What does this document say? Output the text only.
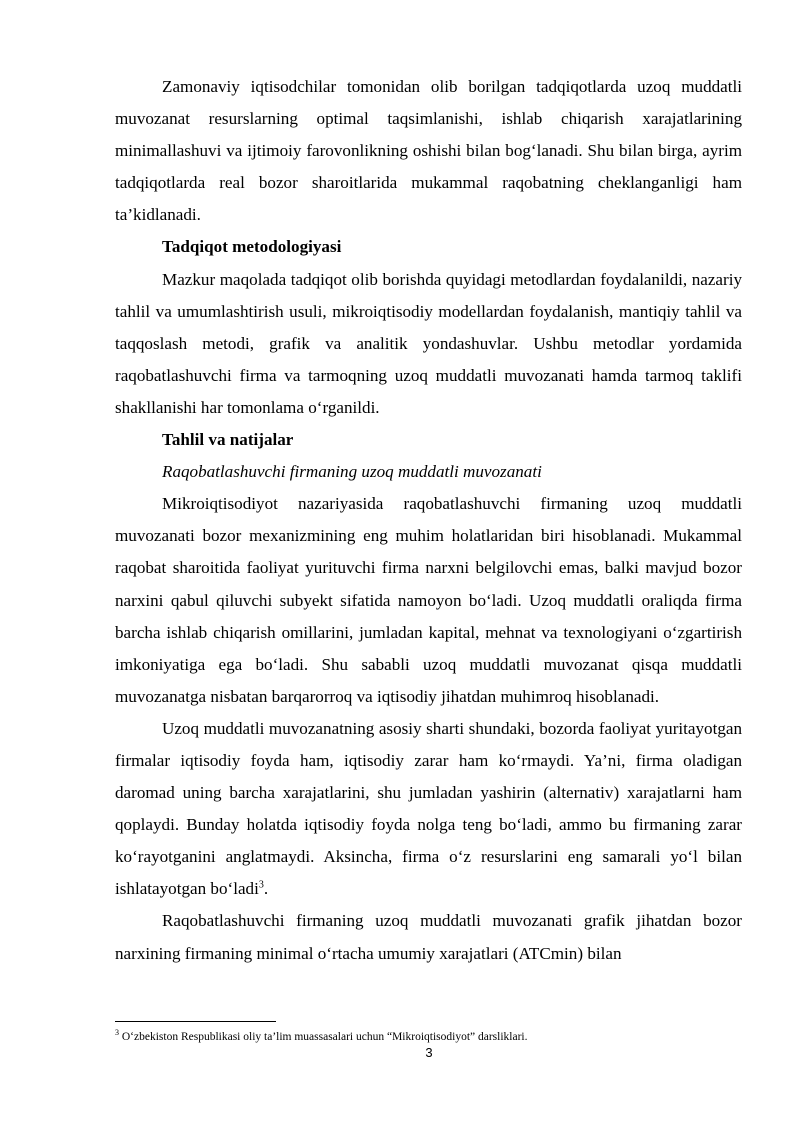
Zamonaviy iqtisodchilar tomonidan olib borilgan tadqiqotlarda uzoq muddatli muvozanat resurslarning optimal taqsimlanishi, ishlab chiqarish xarajatlarining minimallashuvi va ijtimoiy farovonlikning oshishi bilan bog‘lanadi. Shu bilan birga, ayrim tadqiqotlarda real bozor sharoitlarida mukammal raqobatning cheklanganligi ham ta’kidlanadi.

Tadqiqot metodologiyasi

Mazkur maqolada tadqiqot olib borishda quyidagi metodlardan foydalanildi, nazariy tahlil va umumlashtirish usuli, mikroiqtisodiy modellardan foydalanish, mantiqiy tahlil va taqqoslash metodi, grafik va analitik yondashuvlar. Ushbu metodlar yordamida raqobatlashuvchi firma va tarmoqning uzoq muddatli muvozanati hamda tarmoq taklifi shakllanishi har tomonlama o‘rganildi.

Tahlil va natijalar

Raqobatlashuvchi firmaning uzoq muddatli muvozanati

Mikroiqtisodiyot nazariyasida raqobatlashuvchi firmaning uzoq muddatli muvozanati bozor mexanizmining eng muhim holatlaridan biri hisoblanadi. Mukammal raqobat sharoitida faoliyat yurituvchi firma narxni belgilovchi emas, balki mavjud bozor narxini qabul qiluvchi subyekt sifatida namoyon bo‘ladi. Uzoq muddatli oraliqda firma barcha ishlab chiqarish omillarini, jumladan kapital, mehnat va texnologiyani o‘zgartirish imkoniyatiga ega bo‘ladi. Shu sababli uzoq muddatli muvozanat qisqa muddatli muvozanatga nisbatan barqarorroq va iqtisodiy jihatdan muhimroq hisoblanadi.

Uzoq muddatli muvozanatning asosiy sharti shundaki, bozorda faoliyat yuritayotgan firmalar iqtisodiy foyda ham, iqtisodiy zarar ham ko‘rmaydi. Ya’ni, firma oladigan daromad uning barcha xarajatlarini, shu jumladan yashirin (alternativ) xarajatlarni ham qoplaydi. Bunday holatda iqtisodiy foyda nolga teng bo‘ladi, ammo bu firmaning zarar ko‘rayotganini anglatmaydi. Aksincha, firma o‘z resurslarini eng samarali yo‘l bilan ishlatayotgan bo‘ladi$^3$.

Raqobatlashuvchi firmaning uzoq muddatli muvozanati grafik jihatdan bozor narxining firmaning minimal o‘rtacha umumiy xarajatlari (ATCmin) bilan

$^3$ O‘zbekiston Respublikasi oliy ta’lim muassasalari uchun “Mikroiqtisodiyot” darsliklari.
3
